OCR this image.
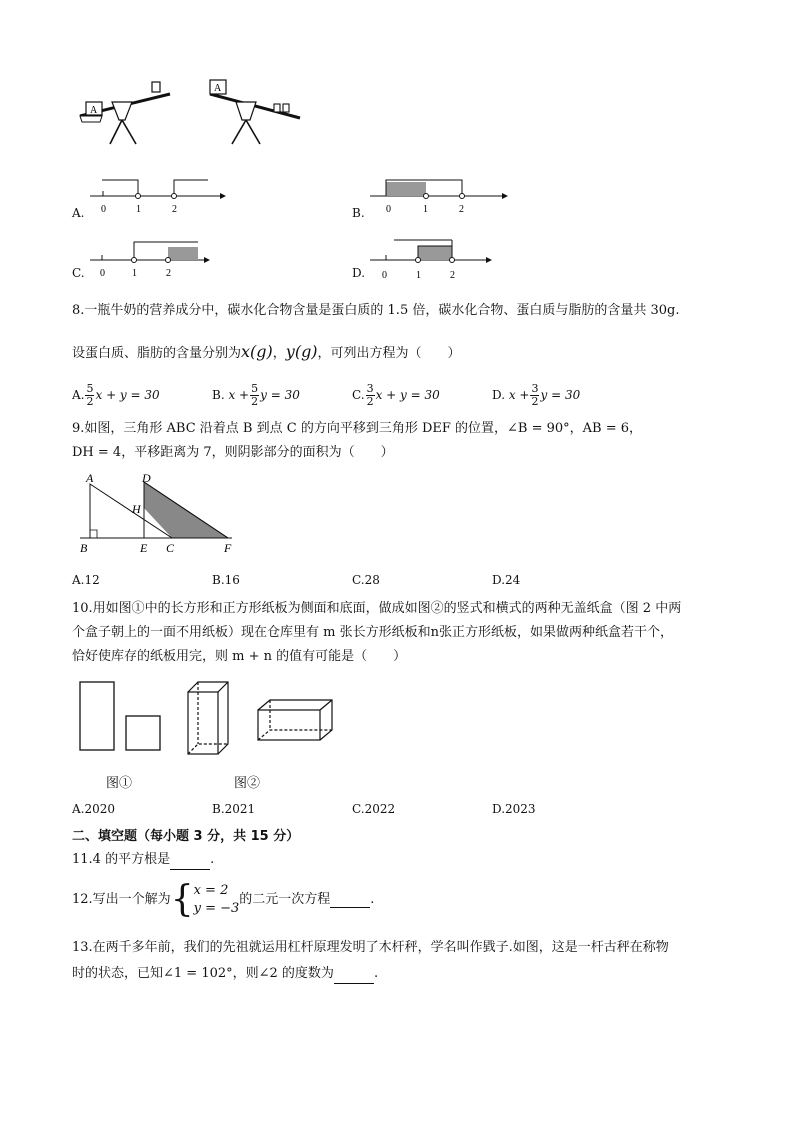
A
A
A. 0	1	2	B. 0	1	2
C. 0	1	2	D. 0	1	2
8.一瓶牛奶的营养成分中，碳水化合物含量是蛋白质的 1.5 倍，碳水化合物、蛋白质与脂肪的含量共 30g.
设蛋白质、脂肪的含量分别为x(g)，y(g)，可列出方程为（　　）
A. $\frac{5}{2}$ x + y = 30	B. $x + \frac{5}{2}$ y = 30	C. $\frac{3}{2}$ x + y = 30	D. $x + \frac{3}{2}$ y = 30
9.如图，三角形 ABC 沿着点 B 到点 C 的方向平移到三角形 DEF 的位置，∠B = 90°，AB = 6，
DH = 4，平移距离为 7，则阴影部分的面积为（　　）
A	D
H
B	E C	F
A.12	B.16	C.28	D.24
10.用如图①中的长方形和正方形纸板为侧面和底面，做成如图②的竖式和横式的两种无盖纸盒（图 2 中两
个盒子朝上的一面不用纸板）现在仓库里有 m 张长方形纸板和n张正方形纸板，如果做两种纸盒若干个，
恰好使库存的纸板用完，则 m + n 的值有可能是（　　）
图①	图②
A.2020	B.2021	C.2022	D.2023
二、填空题（每小题 3 分，共 15 分）
11.4 的平方根是	.
12.写出一个解为{ x = 2
y = −3
的二元一次方程	.
13.在两千多年前，我们的先祖就运用杠杆原理发明了木杆秤，学名叫作戥子.如图，这是一杆古秤在称物
时的状态，已知∠1 = 102°，则∠2 的度数为	.
